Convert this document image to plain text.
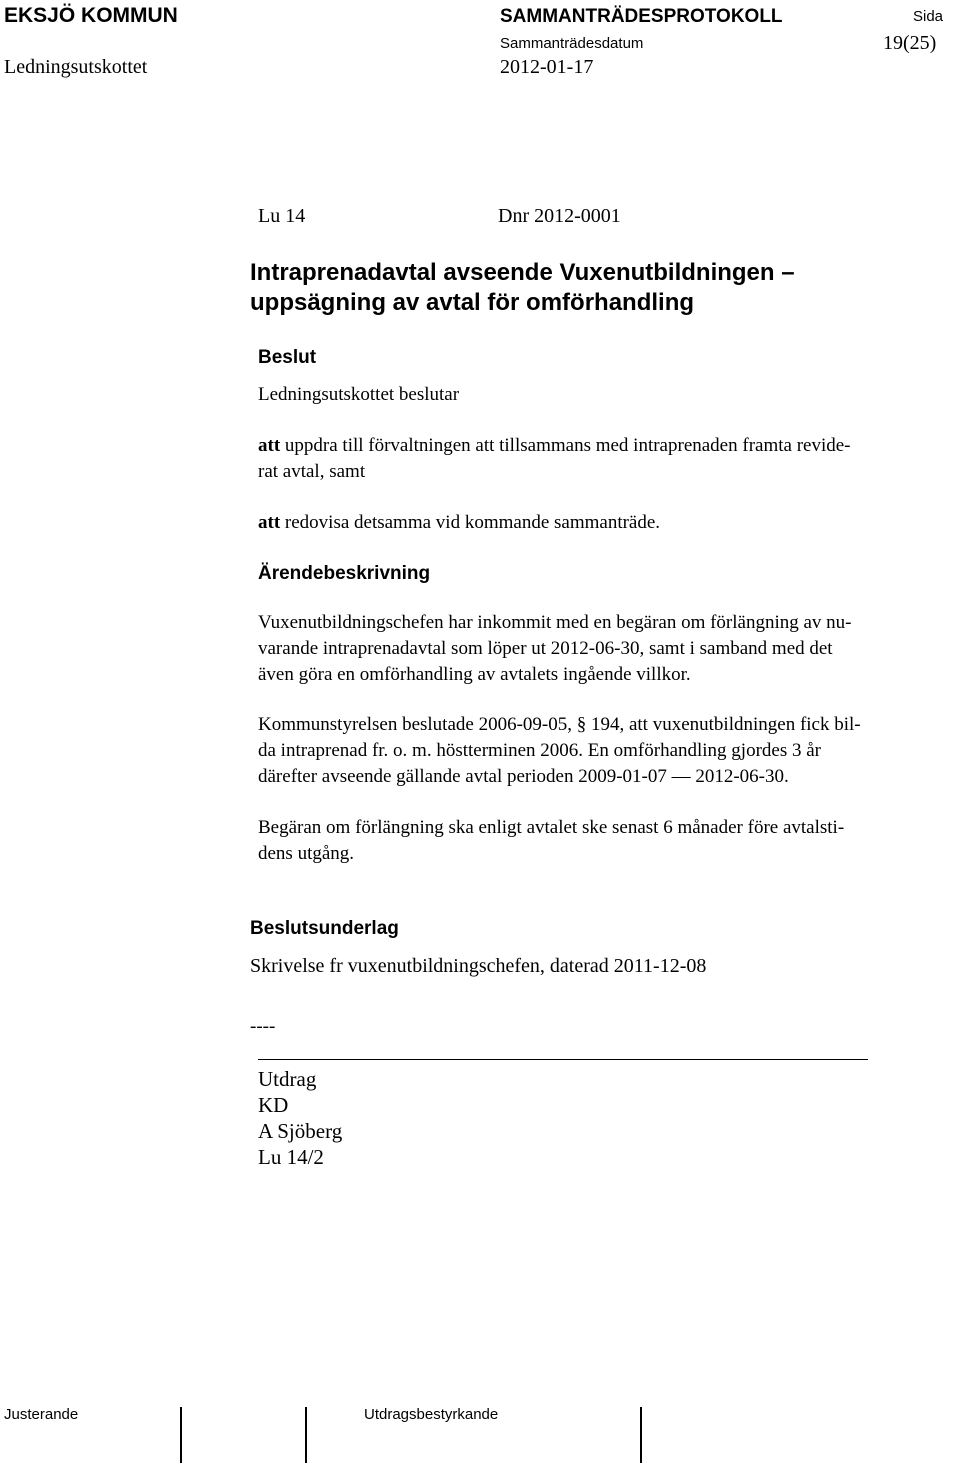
EKSJÖ KOMMUN	SAMMANTRÄDESPROTOKOLL	Sida
Sammanträdesdatum	19(25)
Ledningsutskottet	2012-01-17
Lu 14	Dnr 2012-0001
Intraprenadavtal avseende Vuxenutbildningen –
uppsägning av avtal för omförhandling
Beslut
Ledningsutskottet beslutar
att uppdra till förvaltningen att tillsammans med intraprenaden framta revide-
rat avtal, samt
att redovisa detsamma vid kommande sammanträde.
Ärendebeskrivning
Vuxenutbildningschefen har inkommit med en begäran om förlängning av nu-
varande intraprenadavtal som löper ut 2012-06-30, samt i samband med det
även göra en omförhandling av avtalets ingående villkor.
Kommunstyrelsen beslutade 2006-09-05, § 194, att vuxenutbildningen fick bil-
da intraprenad fr. o. m. höstterminen 2006. En omförhandling gjordes 3 år
därefter avseende gällande avtal perioden 2009-01-07 — 2012-06-30.
Begäran om förlängning ska enligt avtalet ske senast 6 månader före avtalsti-
dens utgång.
Beslutsunderlag
Skrivelse fr vuxenutbildningschefen, daterad 2011-12-08
----
Utdrag
KD
A Sjöberg
Lu 14/2
Justerande	Utdragsbestyrkande
